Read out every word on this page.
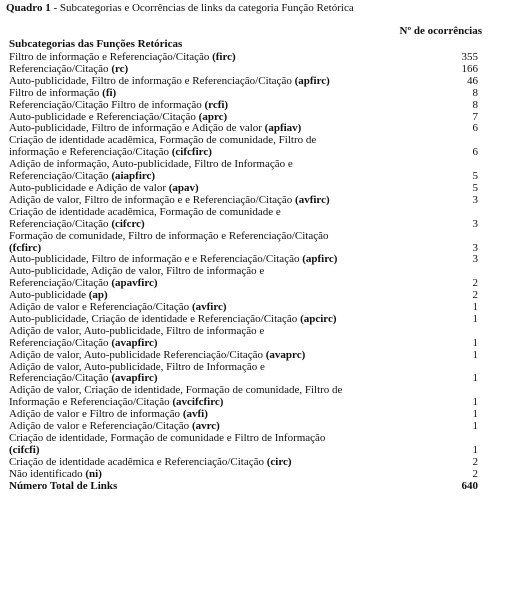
Quadro 1 - Subcategorias e Ocorrências de links da categoria Função Retórica
Subcategorias das Funções Retóricas
Nº de ocorrências
Filtro de informação e Referenciação/Citação (firc)	355
Referenciação/Citação (rc)	166
Auto-publicidade, Filtro de informação e Referenciação/Citação (apfirc)	46
Filtro de informação (fi)	8
Referenciação/Citação Filtro de informação (rcfi)	8
Auto-publicidade e Referenciação/Citação (aprc)	7
Auto-publicidade, Filtro de informação e Adição de valor (apfiav)	6
Criação de identidade acadêmica, Formação de comunidade, Filtro de informação e Referenciação/Citação (cifcfirc)	6
Adição de informação, Auto-publicidade, Filtro de Informação e Referenciação/Citação (aiapfirc)	5
Auto-publicidade e Adição de valor (apav)	5
Adição de valor, Filtro de informação e e Referenciação/Citação (avfirc)	3
Criação de identidade acadêmica, Formação de comunidade e Referenciação/Citação (cifcrc)	3
Formação de comunidade, Filtro de informação e Referenciação/Citação (fcfirc)	3
Auto-publicidade, Filtro de informação e e Referenciação/Citação (apfirc)	3
Auto-publicidade, Adição de valor, Filtro de informação e Referenciação/Citação (apavfirc)	2
Auto-publicidade (ap)	2
Adição de valor e Referenciação/Citação (avfirc)	1
Auto-publicidade, Criação de identidade e Referenciação/Citação (apcirc)	1
Adição de valor, Auto-publicidade, Filtro de informação e Referenciação/Citação (avapfirc)	1
Adição de valor, Auto-publicidade Referenciação/Citação (avaprc)	1
Adição de valor, Auto-publicidade, Filtro de Informação e Referenciação/Citação (avapfirc)	1
Adição de valor, Criação de identidade, Formação de comunidade, Filtro de Informação e Referenciação/Citação (avcifcfirc)	1
Adição de valor e Filtro de informação (avfi)	1
Adição de valor e Referenciação/Citação (avrc)	1
Criação de identidade, Formação de comunidade e Filtro de Informação (cifcfi)	1
Criação de identidade acadêmica e Referenciação/Citação (circ)	2
Não identificado (ni)	2
Número Total de Links	640
